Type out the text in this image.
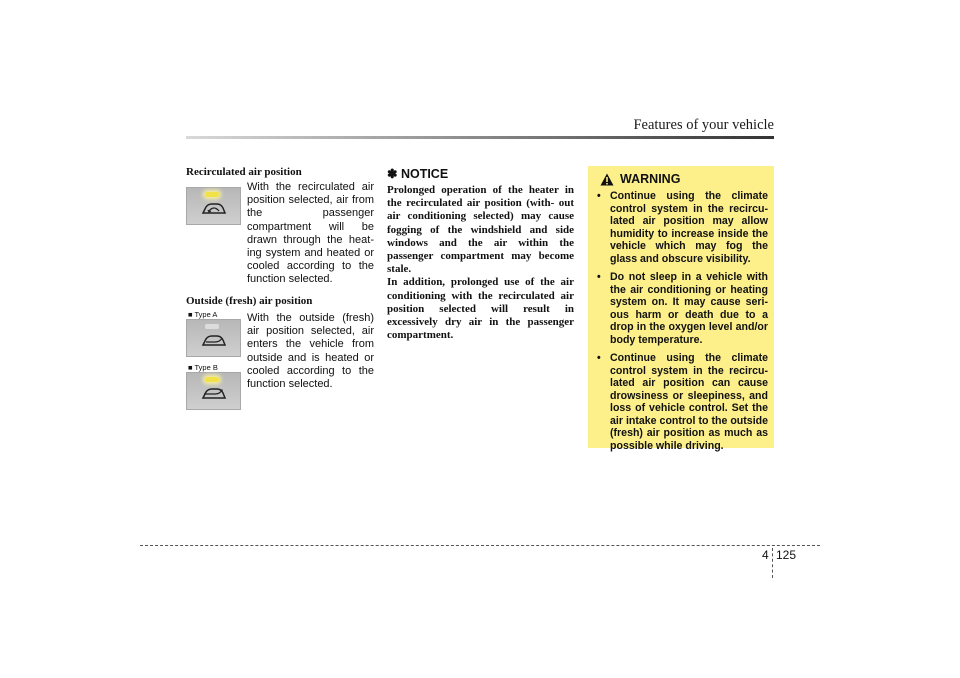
Features of your vehicle
Recirculated air position
With the recirculated air position selected, air from the passenger compartment will be drawn through the heat- ing system and heated or cooled according to the function selected.
Outside (fresh) air position
■ Type A
■ Type B
With the outside (fresh) air position selected, air enters the vehicle from outside and is heated or cooled according to the function selected.
✽ NOTICE

Prolonged operation of the heater in the recirculated air position (with- out air conditioning selected) may cause fogging of the windshield and side windows and the air within the passenger compartment may become stale.

In addition, prolonged use of the air conditioning with the recirculated air position selected will result in excessively dry air in the passenger compartment.

WARNING
• Continue using the climate control system in the recircu- lated air position may allow humidity to increase inside the vehicle which may fog the glass and obscure visibility.
• Do not sleep in a vehicle with the air conditioning or heating system on. It may cause seri- ous harm or death due to a drop in the oxygen level and/or body temperature.
• Continue using the climate control system in the recircu- lated air position can cause drowsiness or sleepiness, and loss of vehicle control. Set the air intake control to the outside (fresh) air position as much as possible while driving.
4 125
